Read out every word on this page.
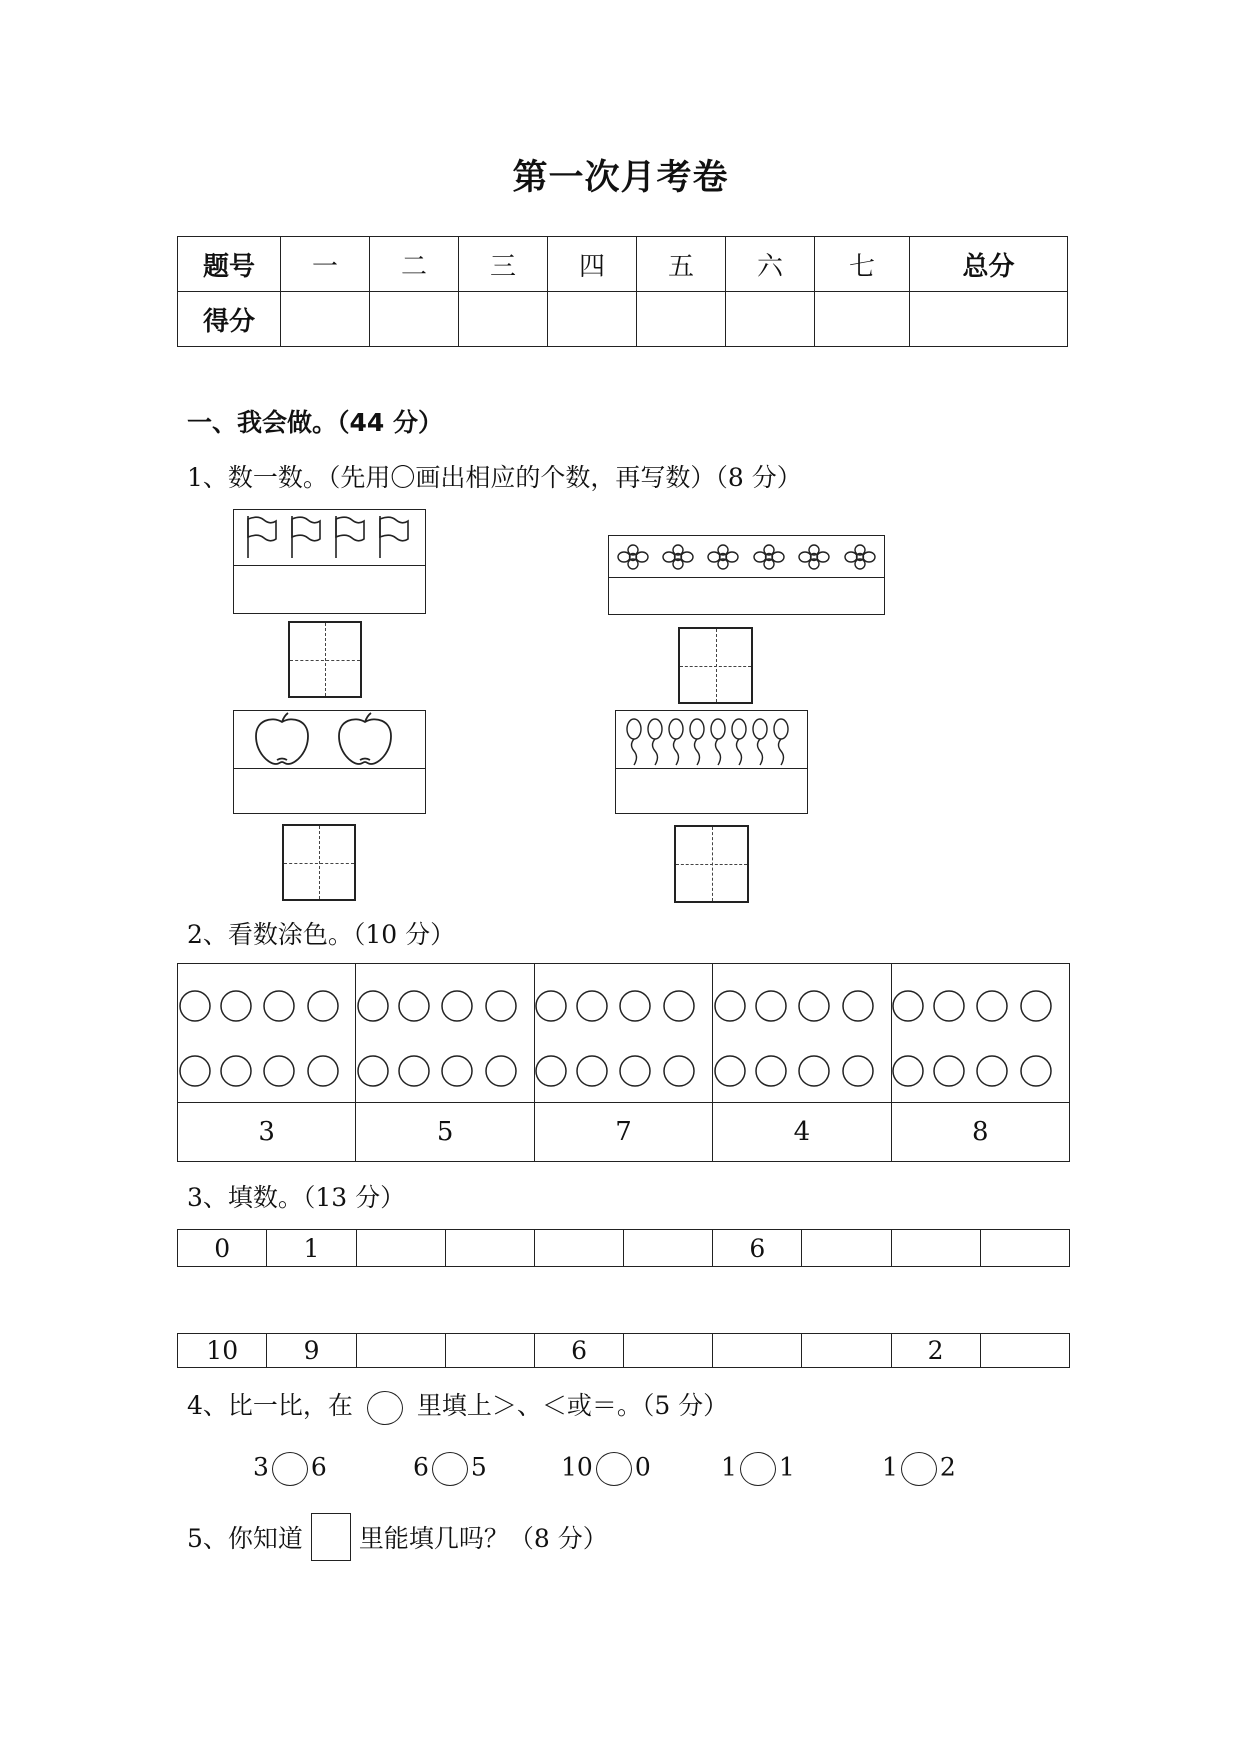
第一次月考卷
题号	一	二	三	四	五	六	七	总分
得分								
一、我会做。（44 分）
1、数一数。（先用〇画出相应的个数，再写数）（8 分）
2、看数涂色。（10 分）

3	5	7	4	8
3、填数。（13 分）
0	1					6			
10	9			6				2	
4、比一比，在	里填上＞、＜或＝。（5 分）
3 6	6 5	10 0	1 1	1 2
5、你知道 里能填几吗？（8 分）
